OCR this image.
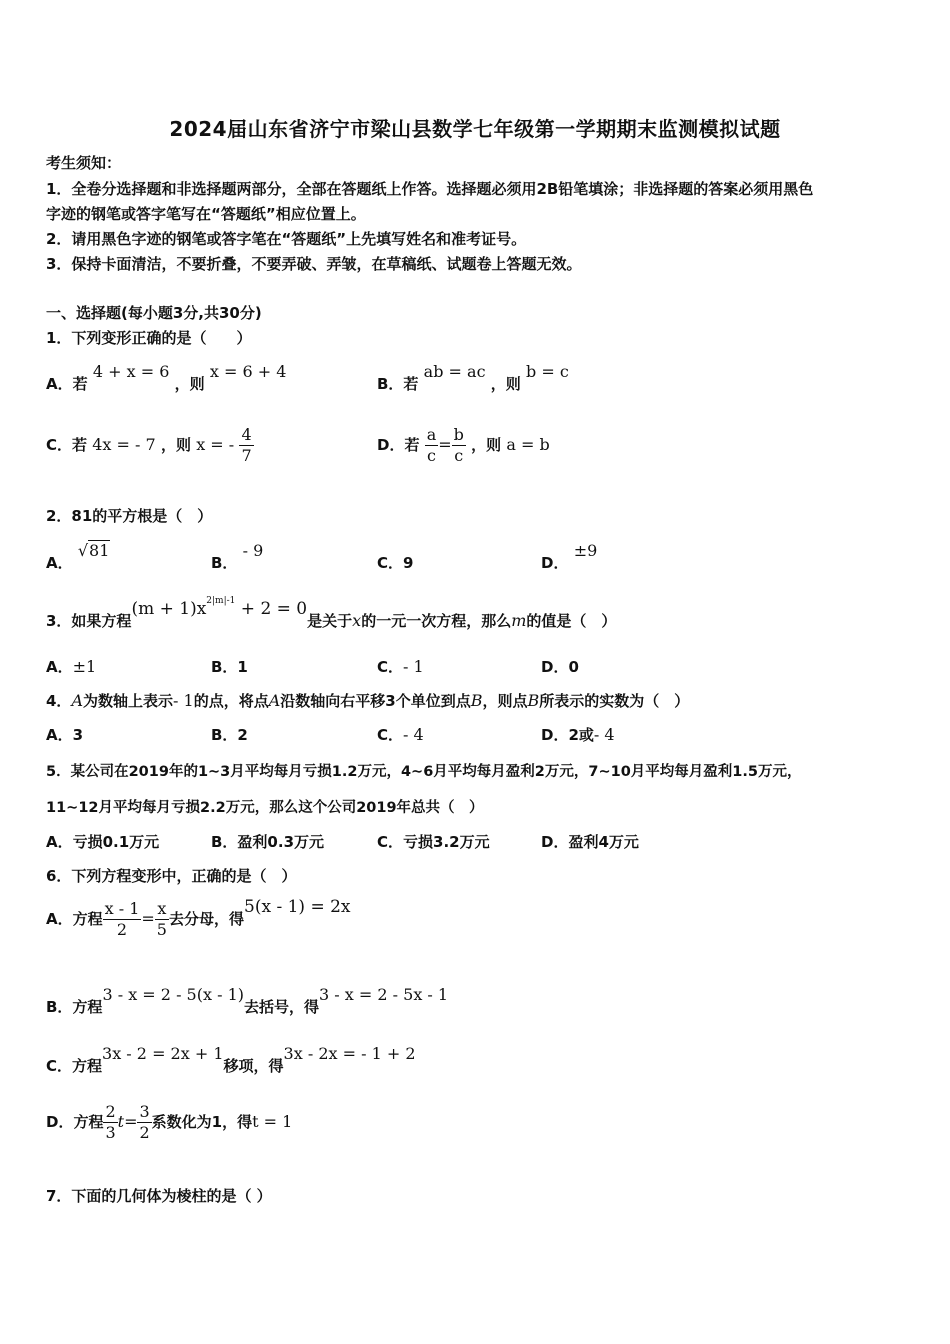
2024届山东省济宁市梁山县数学七年级第一学期期末监测模拟试题
考生须知：
1．全卷分选择题和非选择题两部分，全部在答题纸上作答。选择题必须用2B铅笔填涂；非选择题的答案必须用黑色
字迹的钢笔或答字笔写在“答题纸”相应位置上。
2．请用黑色字迹的钢笔或答字笔在“答题纸”上先填写姓名和准考证号。
3．保持卡面清洁，不要折叠，不要弄破、弄皱，在草稿纸、试题卷上答题无效。
一、选择题(每小题3分,共30分)
1．下列变形正确的是（　　）
A．若 4 + x = 6 ，则 x = 6 + 4
B．若 ab = ac ，则 b = c
C．若 4x = - 7 ，则 x = - $\frac{4}{7}$	D．若 $\frac{a}{c} = \frac{b}{c}$ ，则 a = b
2．81的平方根是（　）
A． √81
B． - 9
C．9	D． ±9
3．如果方程$(m + 1)x^{2|m|-1} + 2 = 0$是关于x的一元一次方程，那么m的值是（　）
A．±1	B．1	C．- 1	D．0
4．A为数轴上表示- 1的点，将点A沿数轴向右平移3个单位到点B，则点B所表示的实数为（　）
A．3	B．2	C．- 4	D．2或- 4
5．某公司在2019年的1∼3月平均每月亏损1.2万元，4∼6月平均每月盈利2万元，7∼10月平均每月盈利1.5万元，
11∼12月平均每月亏损2.2万元，那么这个公司2019年总共（　）
A．亏损0.1万元	B．盈利0.3万元	C．亏损3.2万元	D．盈利4万元
6．下列方程变形中，正确的是（　）
A．方程 $\frac{x - 1}{2} = \frac{x}{5}$ 去分母，得5(x - 1) = 2x
B．方程3 - x = 2 - 5(x - 1)去括号，得3 - x = 2 - 5x - 1
C．方程3x - 2 = 2x + 1移项，得3x - 2x = - 1 + 2
D．方程 $\frac{2}{3} t= \frac{3}{2}$ 系数化为1，得t = 1
7．下面的几何体为棱柱的是（ ）
